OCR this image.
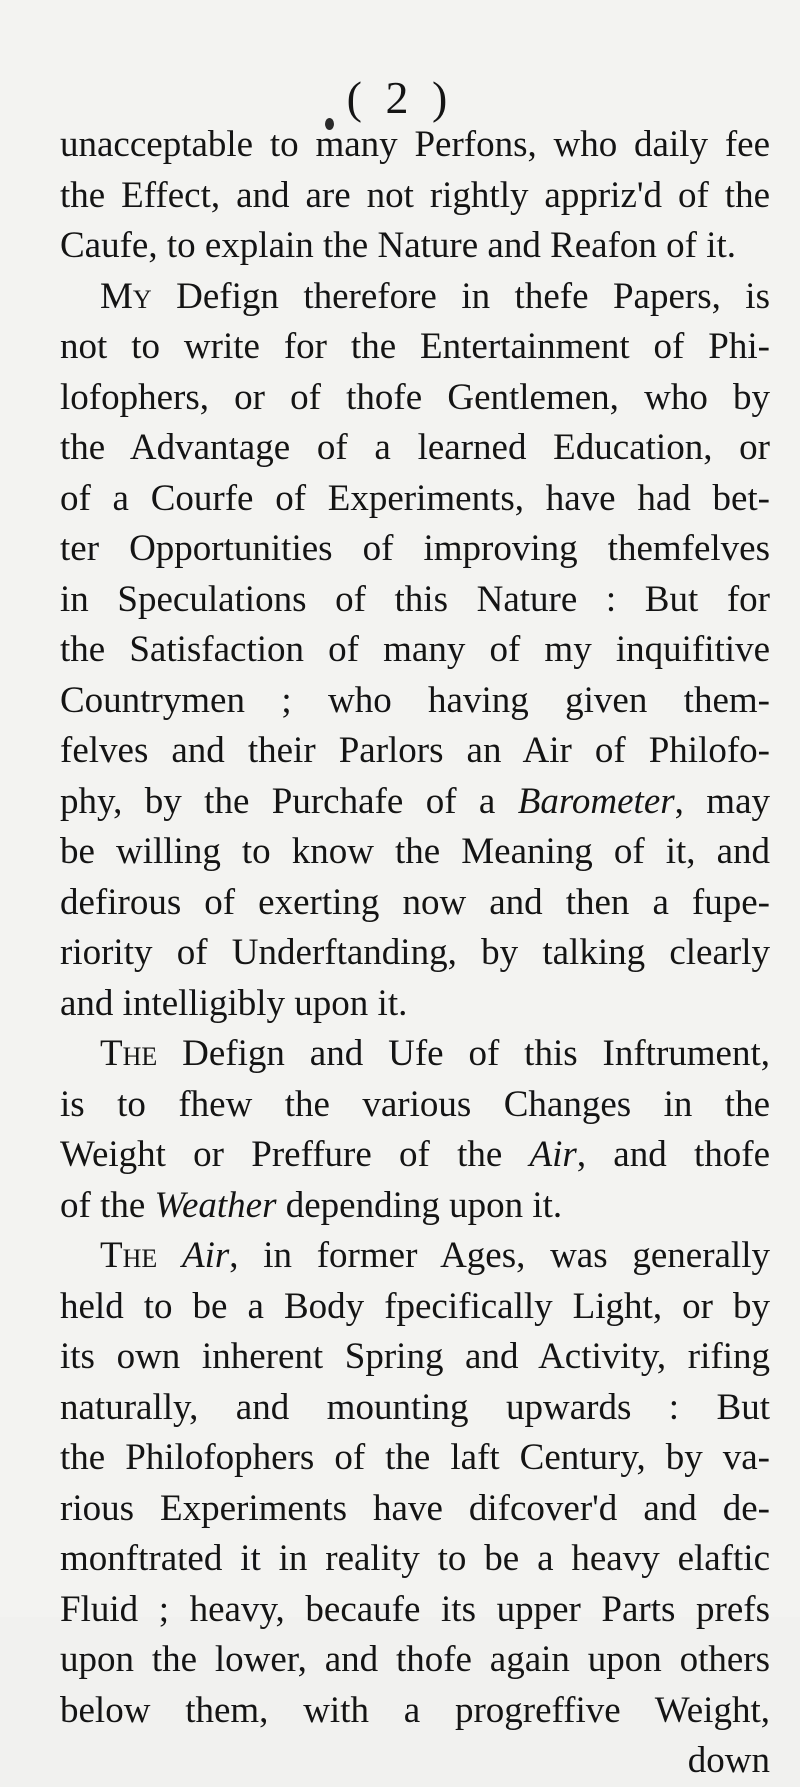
( 2 )
unacceptable to many Perfons, who daily fee
the Effect, and are not rightly appriz'd of the
Caufe, to explain the Nature and Reafon of it.
My Defign therefore in thefe Papers, is
not to write for the Entertainment of Phi-
lofophers, or of thofe Gentlemen, who by
the Advantage of a learned Education, or
of a Courfe of Experiments, have had bet-
ter Opportunities of improving themfelves
in Speculations of this Nature : But for
the Satisfaction of many of my inquifitive
Countrymen ; who having given them-
felves and their Parlors an Air of Philofo-
phy, by the Purchafe of a Barometer, may
be willing to know the Meaning of it, and
defirous of exerting now and then a fupe-
riority of Underftanding, by talking clearly
and intelligibly upon it.
The Defign and Ufe of this Inftrument,
is to fhew the various Changes in the
Weight or Preffure of the Air, and thofe
of the Weather depending upon it.
The Air, in former Ages, was generally
held to be a Body fpecifically Light, or by
its own inherent Spring and Activity, rifing
naturally, and mounting upwards : But
the Philofophers of the laft Century, by va-
rious Experiments have difcover'd and de-
monftrated it in reality to be a heavy elaftic
Fluid ; heavy, becaufe its upper Parts prefs
upon the lower, and thofe again upon others
below them, with a progreffive Weight,
down
